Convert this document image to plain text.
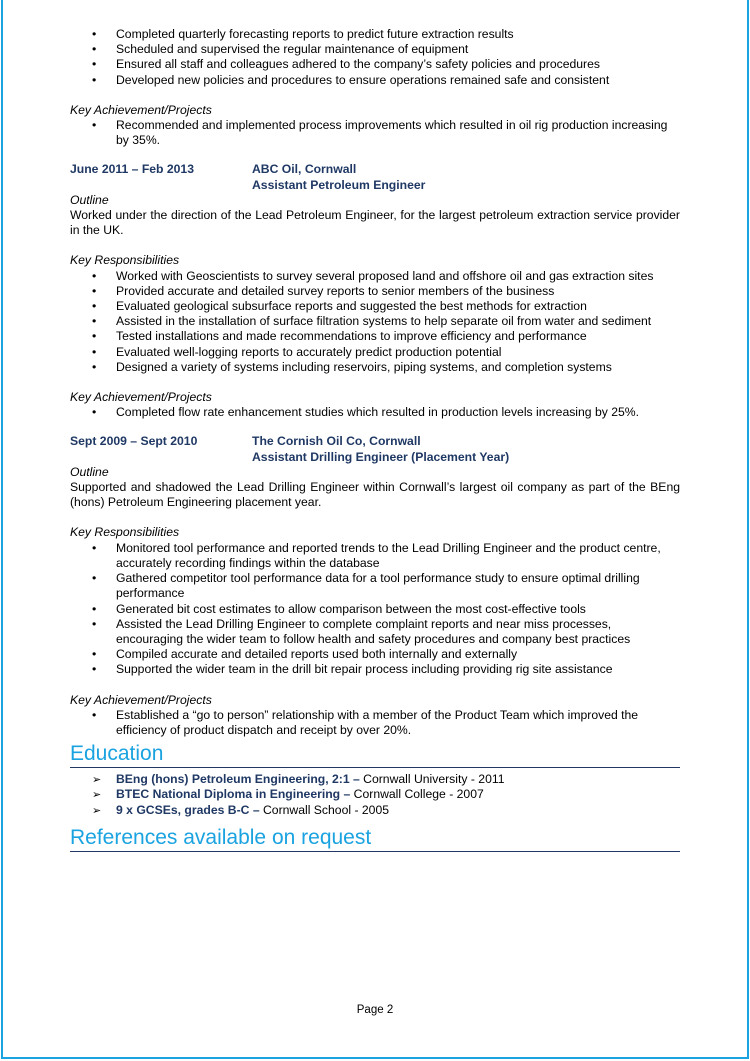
• Completed quarterly forecasting reports to predict future extraction results
• Scheduled and supervised the regular maintenance of equipment
• Ensured all staff and colleagues adhered to the company’s safety policies and procedures
• Developed new policies and procedures to ensure operations remained safe and consistent
Key Achievement/Projects
• Recommended and implemented process improvements which resulted in oil rig production increasing by 35%.
June 2011 – Feb 2013	ABC Oil, Cornwall
Assistant Petroleum Engineer
Outline
Worked under the direction of the Lead Petroleum Engineer, for the largest petroleum extraction service provider in the UK.
Key Responsibilities
• Worked with Geoscientists to survey several proposed land and offshore oil and gas extraction sites
• Provided accurate and detailed survey reports to senior members of the business
• Evaluated geological subsurface reports and suggested the best methods for extraction
• Assisted in the installation of surface filtration systems to help separate oil from water and sediment
• Tested installations and made recommendations to improve efficiency and performance
• Evaluated well-logging reports to accurately predict production potential
• Designed a variety of systems including reservoirs, piping systems, and completion systems
Key Achievement/Projects
• Completed flow rate enhancement studies which resulted in production levels increasing by 25%.
Sept 2009 – Sept 2010	The Cornish Oil Co, Cornwall
Assistant Drilling Engineer (Placement Year)
Outline
Supported and shadowed the Lead Drilling Engineer within Cornwall’s largest oil company as part of the BEng (hons) Petroleum Engineering placement year.
Key Responsibilities
• Monitored tool performance and reported trends to the Lead Drilling Engineer and the product centre, accurately recording findings within the database
• Gathered competitor tool performance data for a tool performance study to ensure optimal drilling performance
• Generated bit cost estimates to allow comparison between the most cost-effective tools
• Assisted the Lead Drilling Engineer to complete complaint reports and near miss processes, encouraging the wider team to follow health and safety procedures and company best practices
• Compiled accurate and detailed reports used both internally and externally
• Supported the wider team in the drill bit repair process including providing rig site assistance
Key Achievement/Projects
• Established a “go to person” relationship with a member of the Product Team which improved the efficiency of product dispatch and receipt by over 20%.
Education
➢ BEng (hons) Petroleum Engineering, 2:1 – Cornwall University - 2011
➢ BTEC National Diploma in Engineering – Cornwall College - 2007
➢ 9 x GCSEs, grades B-C – Cornwall School - 2005
References available on request
Page 2
